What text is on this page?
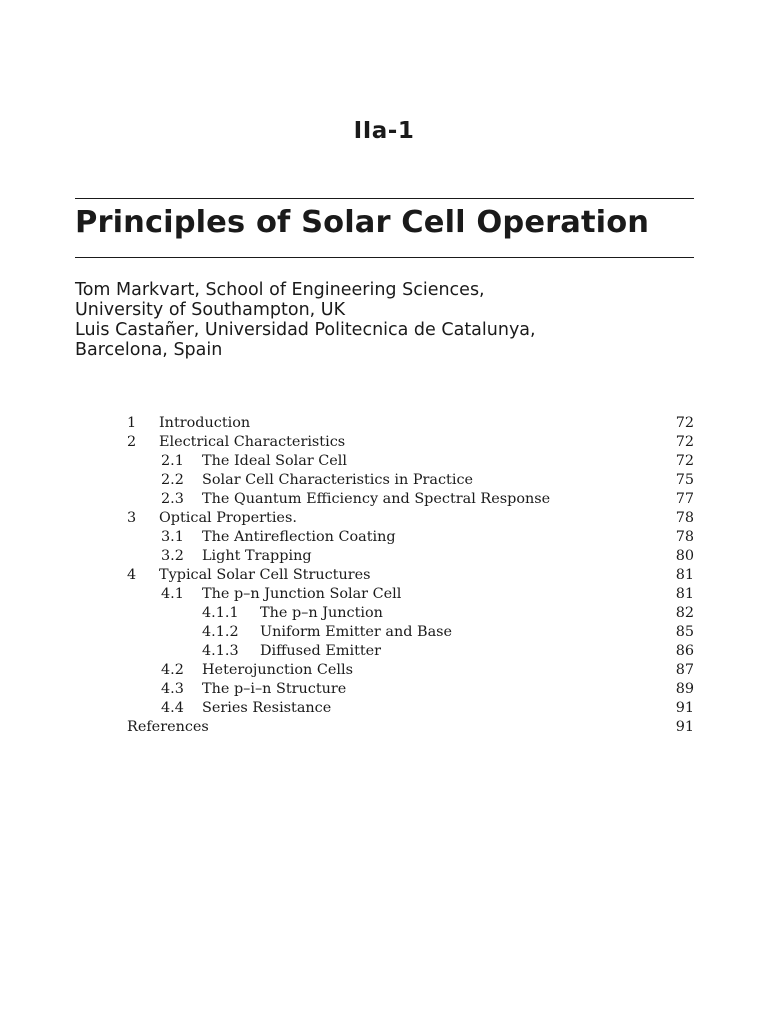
IIa-1
Principles of Solar Cell Operation
Tom Markvart, School of Engineering Sciences,
University of Southampton, UK
Luis Castañer, Universidad Politecnica de Catalunya,
Barcelona, Spain
1 Introduction	72
2 Electrical Characteristics	72
2.1 The Ideal Solar Cell	72
2.2 Solar Cell Characteristics in Practice	75
2.3 The Quantum Efficiency and Spectral Response	77
3 Optical Properties.	78
3.1 The Antireflection Coating	78
3.2 Light Trapping	80
4 Typical Solar Cell Structures	81
4.1 The p–n Junction Solar Cell	81
4.1.1 The p–n Junction	82
4.1.2 Uniform Emitter and Base	85
4.1.3 Diffused Emitter	86
4.2 Heterojunction Cells	87
4.3 The p–i–n Structure	89
4.4 Series Resistance	91
References	91
